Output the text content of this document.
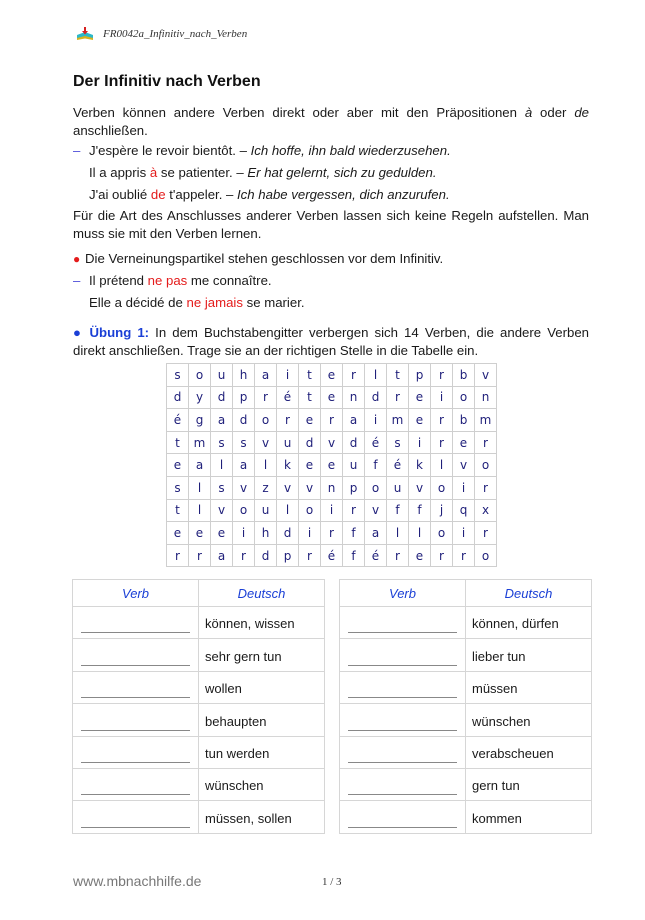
FR0042a_Infinitiv_nach_Verben
Der Infinitiv nach Verben
Verben können andere Verben direkt oder aber mit den Präpositionen à oder de anschließen.
– J'espère le revoir bientôt. – Ich hoffe, ihn bald wiederzusehen.
Il a appris à se patienter. – Er hat gelernt, sich zu gedulden.
J'ai oublié de t'appeler. – Ich habe vergessen, dich anzurufen.
Für die Art des Anschlusses anderer Verben lassen sich keine Regeln aufstellen. Man muss sie mit den Verben lernen.
● Die Verneinungspartikel stehen geschlossen vor dem Infinitiv.
– Il prétend ne pas me connaître.
Elle a décidé de ne jamais se marier.
● Übung 1: In dem Buchstabengitter verbergen sich 14 Verben, die andere Verben direkt anschließen. Trage sie an der richtigen Stelle in die Tabelle ein.
s	o	u	h	a	i	t	e	r	l	t	p	r	b	v
d	y	d	p	r	é	t	e	n	d	r	e	i	o	n
é	g	a	d	o	r	e	r	a	i	m	e	r	b	m
t	m	s	s	v	u	d	v	d	é	s	i	r	e	r
e	a	l	a	l	k	e	e	u	f	é	k	l	v	o
s	l	s	v	z	v	v	n	p	o	u	v	o	i	r
t	l	v	o	u	l	o	i	r	v	f	f	j	q	x
e	e	e	i	h	d	i	r	f	a	l	l	o	i	r
r	r	a	r	d	p	r	é	f	é	r	e	r	r	o
Verb	Deutsch

	können, wissen

	sehr gern tun

	wollen

	behaupten

	tun werden

	wünschen

	müssen, sollen
Verb	Deutsch

	können, dürfen

	lieber tun

	müssen

	wünschen

	verabscheuen

	gern tun

	kommen
www.mbnachhilfe.de	1 / 3
